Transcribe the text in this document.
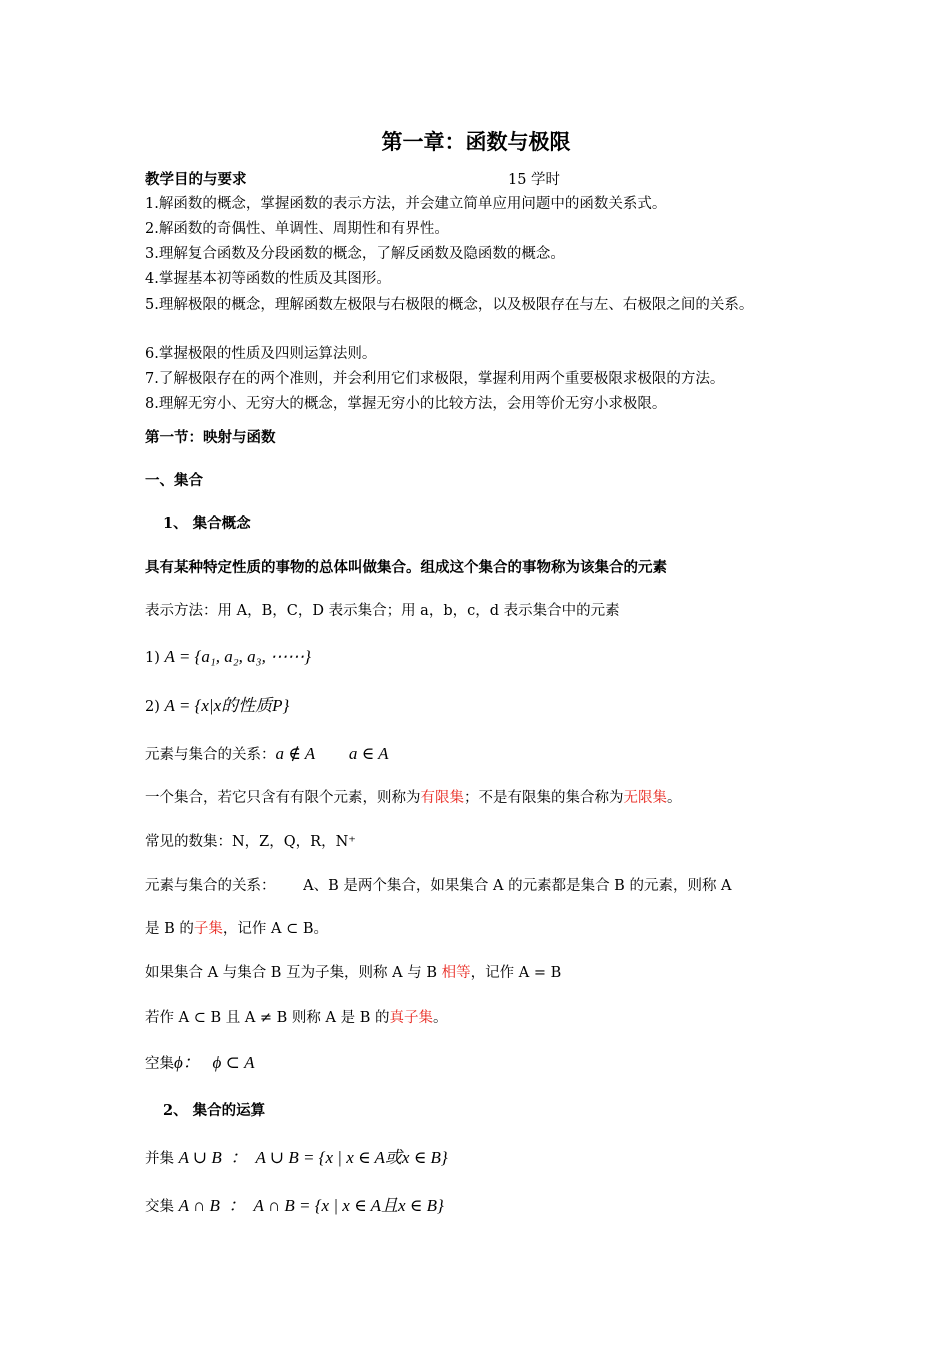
第一章：函数与极限
教学目的与要求	15 学时
1.解函数的概念，掌握函数的表示方法，并会建立简单应用问题中的函数关系式。
2.解函数的奇偶性、单调性、周期性和有界性。
3.理解复合函数及分段函数的概念，了解反函数及隐函数的概念。
4.掌握基本初等函数的性质及其图形。
5.理解极限的概念，理解函数左极限与右极限的概念，以及极限存在与左、右极限之间的关系。
6.掌握极限的性质及四则运算法则。
7.了解极限存在的两个准则，并会利用它们求极限，掌握利用两个重要极限求极限的方法。
8.理解无穷小、无穷大的概念，掌握无穷小的比较方法，会用等价无穷小求极限。
第一节：映射与函数
一、集合
1、 集合概念
具有某种特定性质的事物的总体叫做集合。组成这个集合的事物称为该集合的元素
表示方法：用 A，B，C，D 表示集合；用 a，b，c，d 表示集合中的元素
1) A = {a₁, a₂, a₃, ⋯⋯}
2) A = {x|x的性质P}
元素与集合的关系：a ∉ A        a ∈ A
一个集合，若它只含有有限个元素，则称为有限集；不是有限集的集合称为无限集。
常见的数集：N，Z，Q，R，N⁺
元素与集合的关系：      A、B 是两个集合，如果集合 A 的元素都是集合 B 的元素，则称 A
是 B 的子集，记作 A ⊂ B。
如果集合 A 与集合 B 互为子集，则称 A 与 B 相等，记作 A = B
若作 A ⊂ B 且 A ≠ B 则称 A 是 B 的真子集。
空集ϕ：   ϕ ⊂ A
2、 集合的运算
并集 A ∪ B  ：  A ∪ B = {x | x ∈ A或x ∈ B}
交集 A ∩ B  ：  A ∩ B = {x | x ∈ A且x ∈ B}
